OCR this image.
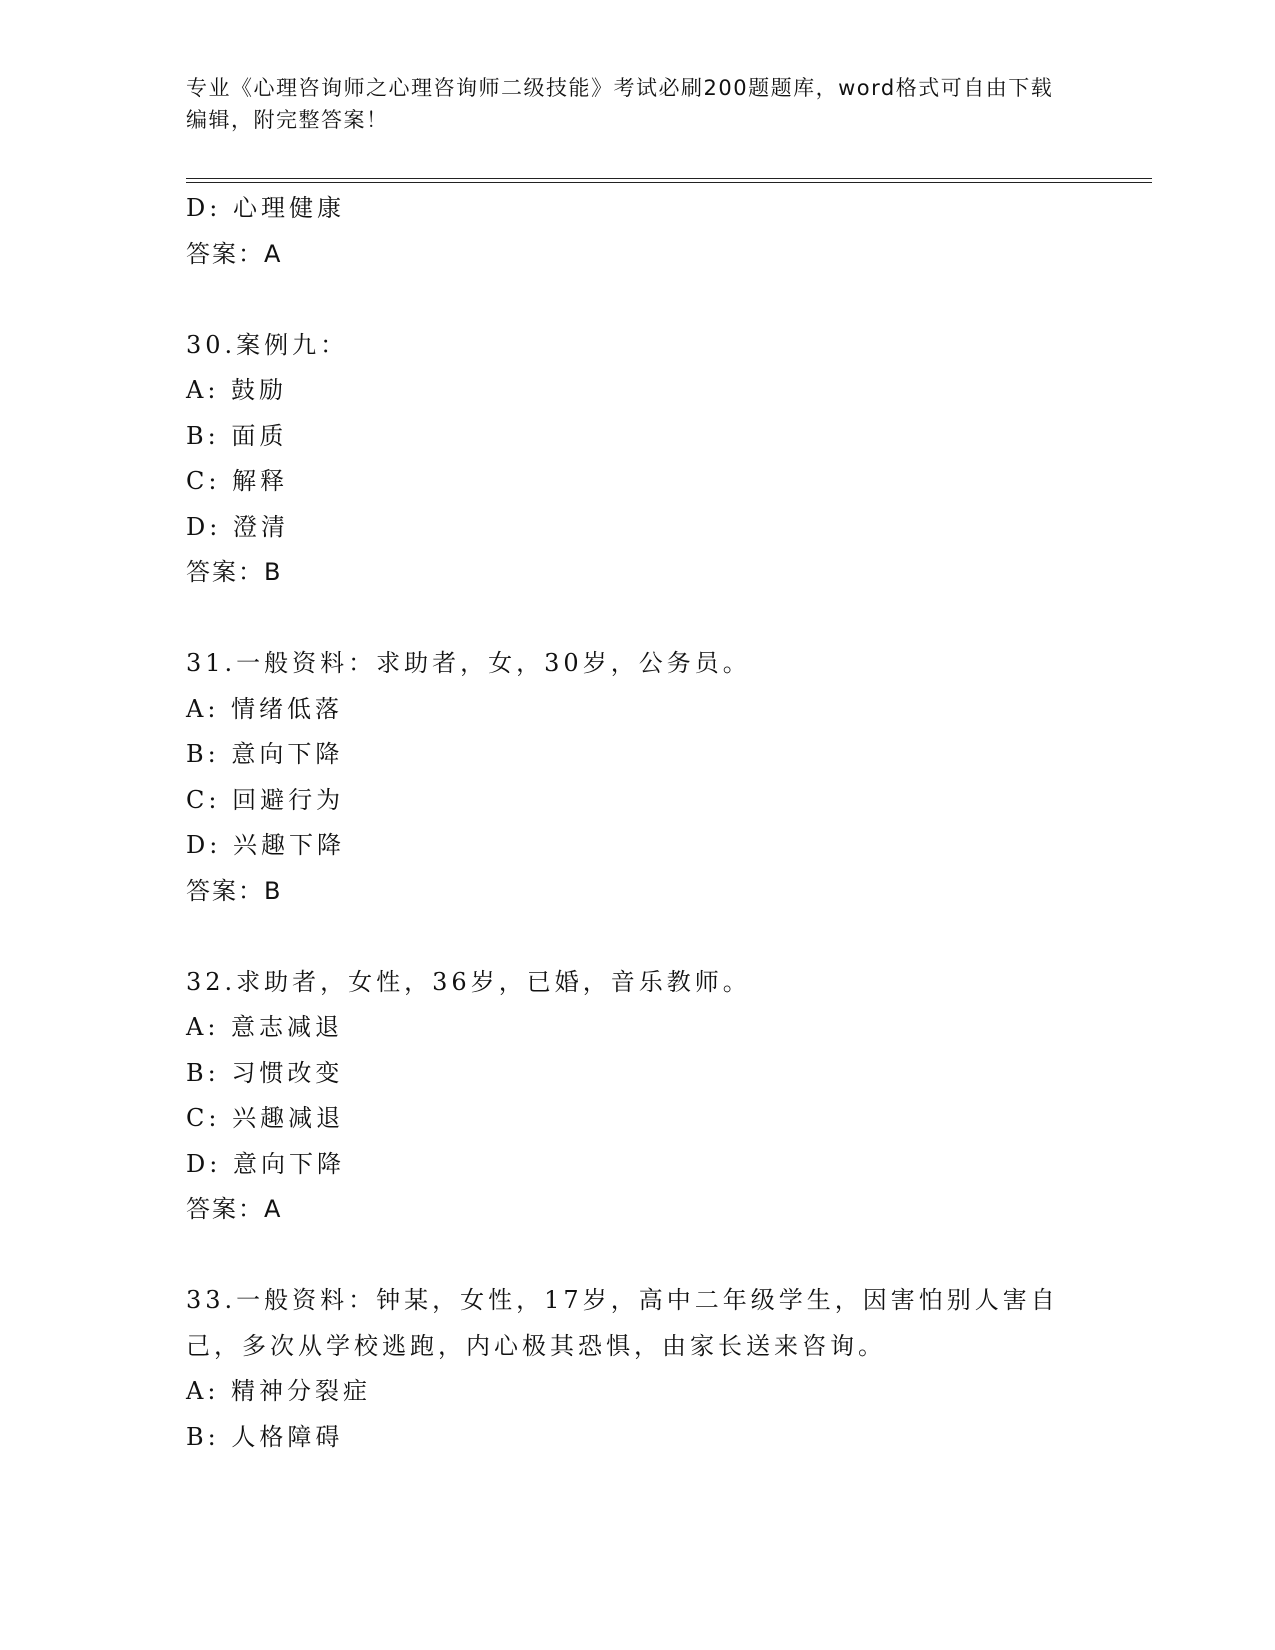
专业《心理咨询师之心理咨询师二级技能》考试必刷200题题库，word格式可自由下载编辑，附完整答案！
D: 心理健康
答案：A
30.案例九：
A: 鼓励
B: 面质
C: 解释
D: 澄清
答案：B
31.一般资料：求助者，女，30岁，公务员。
A: 情绪低落
B: 意向下降
C: 回避行为
D: 兴趣下降
答案：B
32.求助者，女性，36岁，已婚，音乐教师。
A: 意志减退
B: 习惯改变
C: 兴趣减退
D: 意向下降
答案：A
33.一般资料：钟某，女性，17岁，高中二年级学生，因害怕别人害自己，多次从学校逃跑，内心极其恐惧，由家长送来咨询。
A: 精神分裂症
B: 人格障碍
